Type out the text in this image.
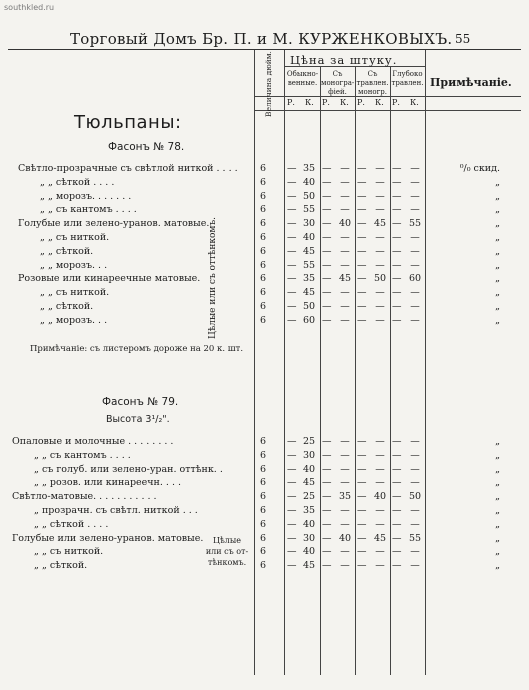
southkled.ru
Торговый Домъ Бр. П. и М. КУРЖЕНКОВЫХЪ. 55
Величина дюйм. Цѣна за штуку.
Обыкно- венные.
Съ моногра- фiей.
Съ травлен. моногр.
Глубоко травлен. Примѣчанiе.
Р. К. Р. К. Р. К. Р. К.
Тюльпаны:
Фасонъ № 78.
Свѣтло-прозрачные съ свѣтлой ниткой . . . .	6	— 35 — — — — — —	⁰/₀ скид.
„ „ сѣткой . . . .	6	— 40 — — — — — —	„
„ „ морозъ. . . . . . .	6	— 50 — — — — — —	„
„ „ съ кантомъ . . . .	6	— 55 — — — — — —	„
Голубые или зелено-уранов. матовые.	6	— 30 — 40 — 45 — 55	„
„ „ съ ниткой.	6	— 40 — — — — — —	„
„ „ сѣткой.	6	— 45 — — — — — —	„
„ „ морозъ. . .	6	— 55 — — — — — —	„
Розовые или кинареечные матовые.	6	— 35 — 45 — 50 — 60	„
„ „ съ ниткой.	6	— 45 — — — — — —	„
„ „ сѣткой.	6	— 50 — — — — — —	„
„ „ морозъ. . .	6	— 60 — — — — — —	„
Цѣлые или съ оттѣнкомъ.
Примѣчанiе: съ листеромъ дороже на 20 к. шт.
Фасонъ № 79.
Высота 3¹/₂".
Опаловые и молочные . . . . . . . .	6	— 25 — — — — — —	„
„ „ съ кантомъ . . . .	6	— 30 — — — — — —	„
„ съ голуб. или зелено-уран. оттѣнк. .	6	— 40 — — — — — —	„
„ „ розов. или кинареечн. . . .	6	— 45 — — — — — —	„
Свѣтло-матовые. . . . . . . . . . .	6	— 25 — 35 — 40 — 50	„
„ прозрачн. съ свѣтл. ниткой . . .	6	— 35 — — — — — —	„
„ „ сѣткой . . . .	6	— 40 — — — — — —	„
Голубые или зелено-уранов. матовые.	6	— 30 — 40 — 45 — 55	„
„ „ съ ниткой.	6	— 40 — — — — — —	„
„ „ сѣткой.	6	— 45 — — — — — —	„
Цѣлые или съ от- тѣнкомъ.
